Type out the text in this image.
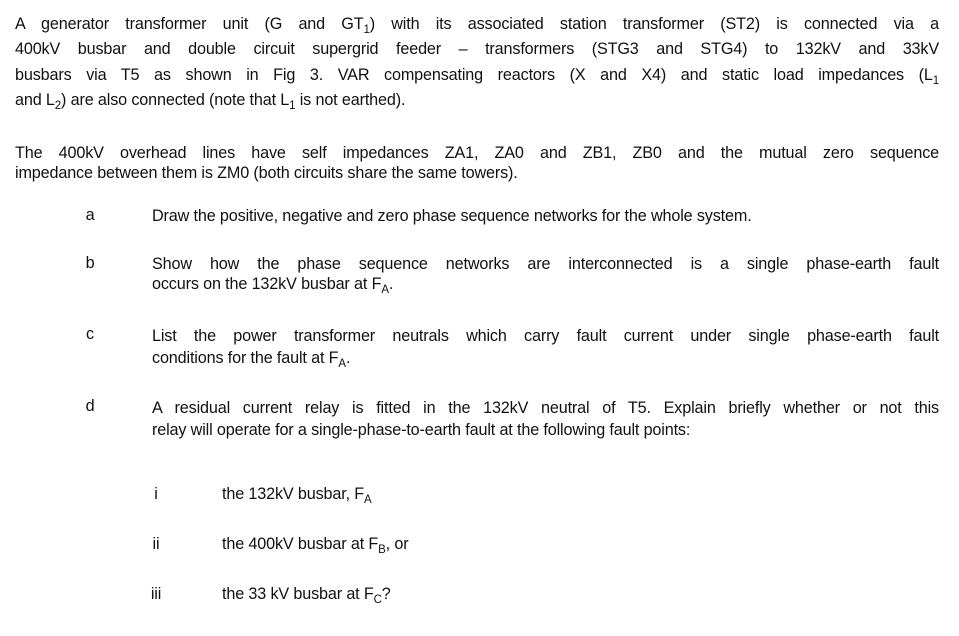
A generator transformer unit (G and $GT_1$) with its associated station transformer (ST2) is connected via a
400kV busbar and double circuit supergrid feeder – transformers (STG3 and STG4) to 132kV and 33kV
busbars via T5 as shown in Fig 3. VAR compensating reactors (X and X4) and static load impedances ($L_1$
and $L_2$) are also connected (note that $L_1$ is not earthed).
The 400kV overhead lines have self impedances ZA1, ZA0 and ZB1, ZB0 and the mutual zero sequence
impedance between them is ZM0 (both circuits share the same towers).
a	Draw the positive, negative and zero phase sequence networks for the whole system.
b	Show how the phase sequence networks are interconnected is a single phase-earth fault
occurs on the 132kV busbar at $F_A$.
c	List the power transformer neutrals which carry fault current under single phase-earth fault
conditions for the fault at $F_A$.
d	A residual current relay is fitted in the 132kV neutral of T5. Explain briefly whether or not this
relay will operate for a single-phase-to-earth fault at the following fault points:
i	the 132kV busbar, $F_A$
ii	the 400kV busbar at $F_B$, or
iii	the 33 kV busbar at $F_C$?
